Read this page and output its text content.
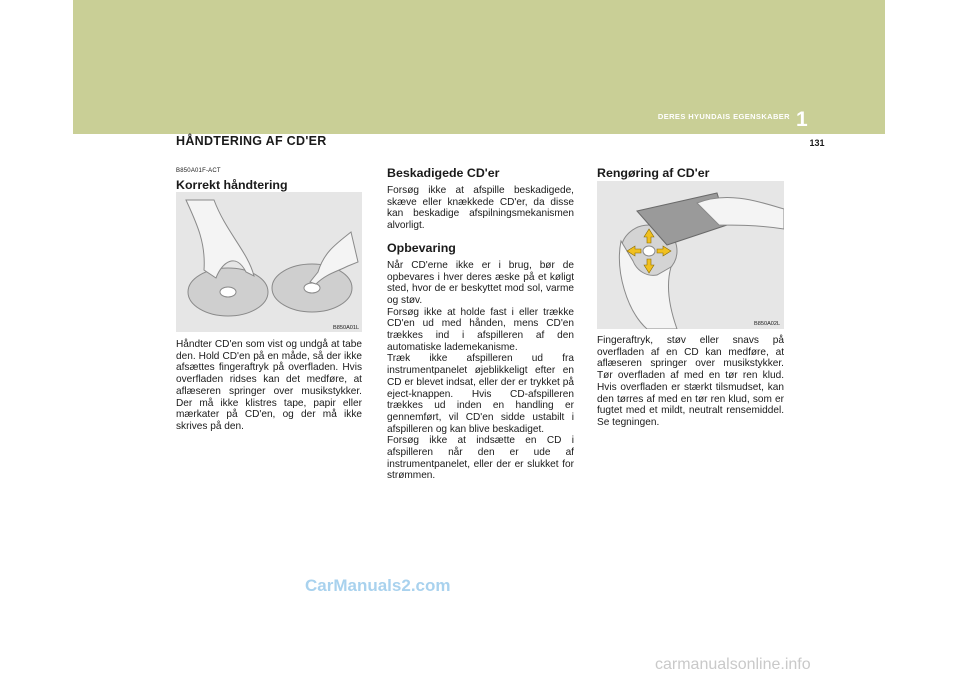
DERES HYUNDAIS EGENSKABER 1
131
HÅNDTERING AF CD'ER
B850A01F-ACT
Korrekt håndtering
B850A01L

Håndter CD'en som vist og undgå at tabe den. Hold CD'en på en måde, så der ikke afsættes fingeraftryk på overfladen. Hvis overfladen ridses kan det medføre, at aflæseren springer over musikstykker. Der må ikke klistres tape, papir eller mærkater på CD'en, og der må ikke skrives på den.

Beskadigede CD'er

Forsøg ikke at afspille beskadigede, skæve eller knækkede CD'er, da disse kan beskadige afspilningsmekanismen alvorligt.

Opbevaring

Når CD'erne ikke er i brug, bør de opbevares i hver deres æske på et køligt sted, hvor de er beskyttet mod sol, varme og støv.

Forsøg ikke at holde fast i eller trække CD'en ud med hånden, mens CD'en trækkes ind i afspilleren af den automatiske lademekanisme.

Træk ikke afspilleren ud fra instrumentpanelet øjeblikkeligt efter en CD er blevet indsat, eller der er trykket på eject-knappen. Hvis CD-afspilleren trækkes ud inden en handling er gennemført, vil CD'en sidde ustabilt i afspilleren og kan blive beskadiget.

Forsøg ikke at indsætte en CD i afspilleren når den er ude af instrumentpanelet, eller der er slukket for strømmen.

Rengøring af CD'er
B850A02L

Fingeraftryk, støv eller snavs på overfladen af en CD kan medføre, at aflæseren springer over musikstykker. Tør overfladen af med en tør ren klud. Hvis overfladen er stærkt tilsmudset, kan den tørres af med en tør ren klud, som er fugtet med et mildt, neutralt rensemiddel. Se tegningen.

CarManuals2.com
carmanualsonline.info
